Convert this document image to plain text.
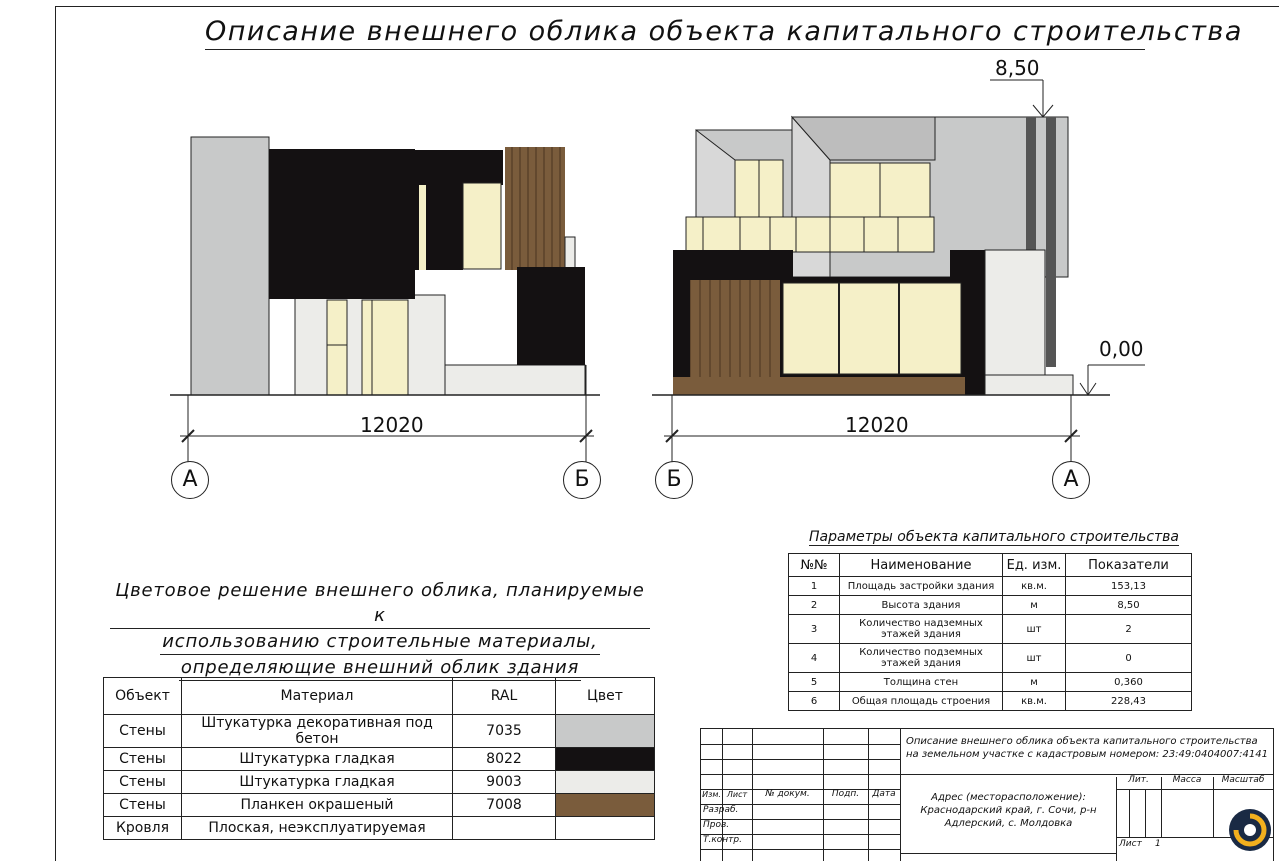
Описание внешнего облика объекта капитального строительства
8,50
0,00
12020	12020
А	Б	Б	А
Цветовое решение внешнего облика, планируемые к
использованию строительные материалы,
определяющие внешний облик здания
Объект	Материал	RAL	Цвет
Стены	Штукатурка декоративная под бетон	7035	
Стены	Штукатурка гладкая	8022	
Стены	Штукатурка гладкая	9003	
Стены	Планкен окрашеный	7008	
Кровля	Плоская, неэксплуатируемая		
Параметры объекта капитального строительства
№№	Наименование	Ед. изм.	Показатели
1	Площадь застройки здания	кв.м.	153,13
2	Высота здания	м	8,50
3	Количество надземных этажей здания	шт	2
4	Количество подземных этажей здания	шт	0
5	Толщина стен	м	0,360
6	Общая площадь строения	кв.м.	228,43
Описание внешнего облика объекта капитального строительства на земельном участке с кадастровым номером: 23:49:0404007:4141
Адрес (месторасположение): Краснодарский край, г. Сочи, р-н Адлерский, с. Молдовка
Изм. Лист	№ докум.	Подп.	Дата
Разраб.
Пров.
Т.контр.
Лит.	Масса	Масштаб
Лист 1
